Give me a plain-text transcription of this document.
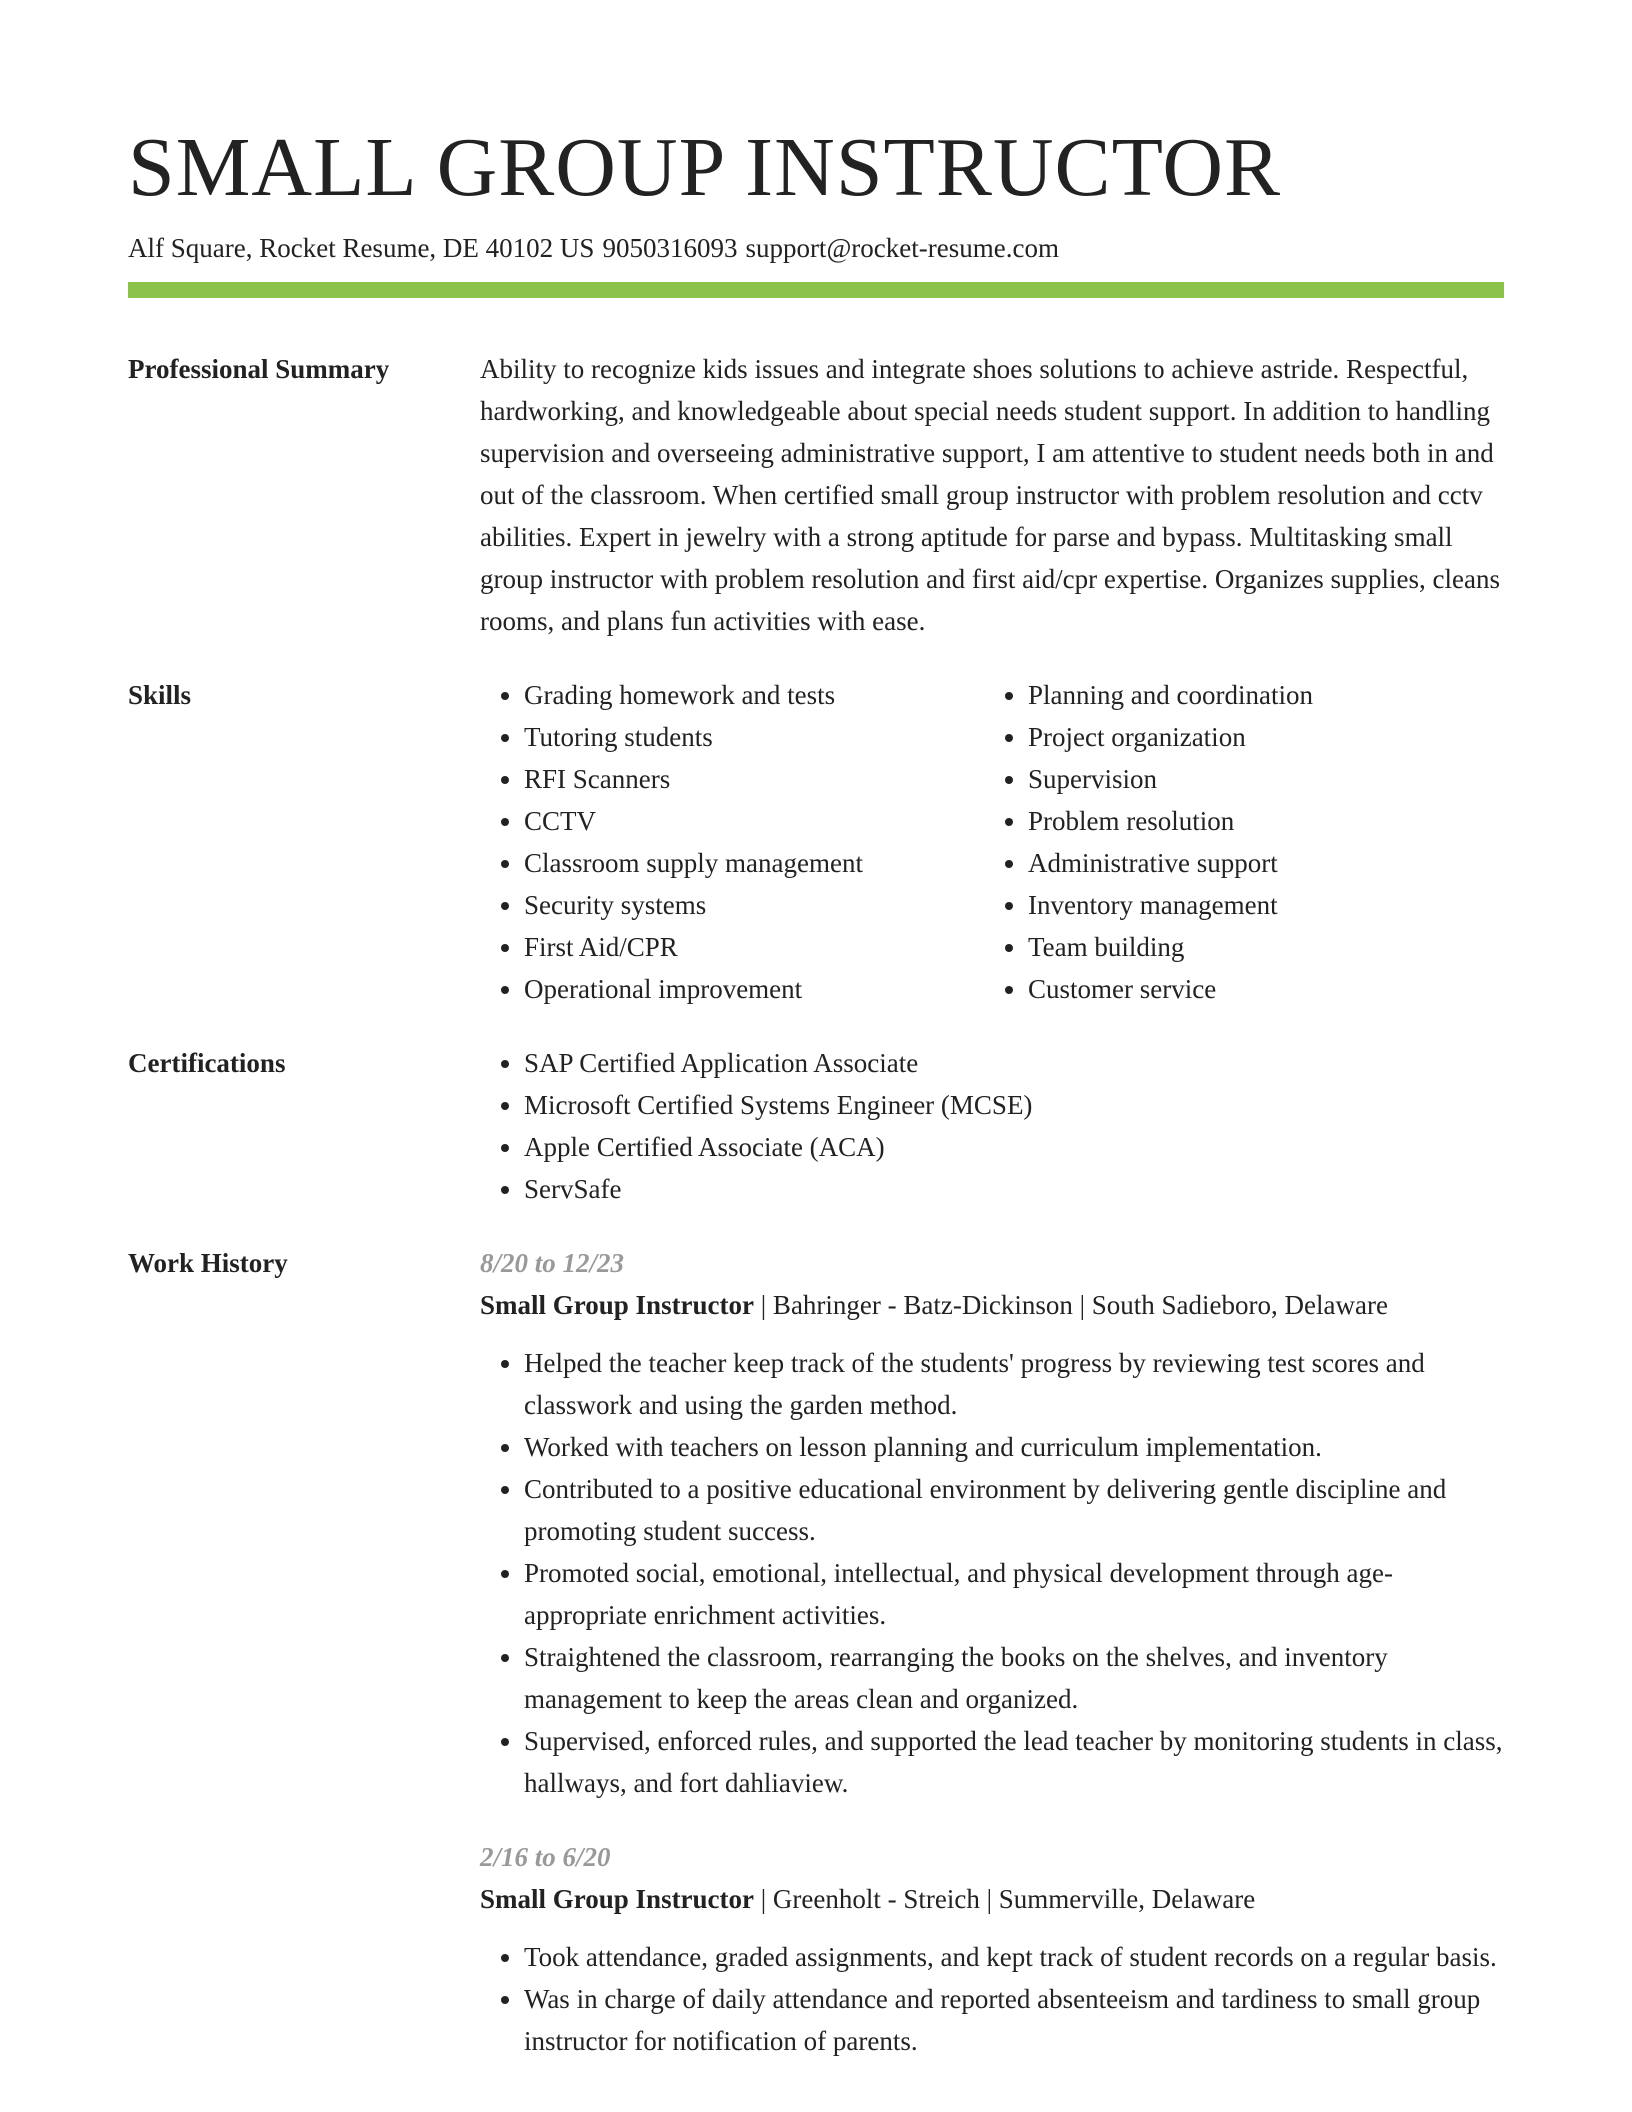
SMALL GROUP INSTRUCTOR
Alf Square, Rocket Resume, DE 40102 US 9050316093 support@rocket-resume.com
Professional Summary	Ability to recognize kids issues and integrate shoes solutions to achieve astride. Respectful, hardworking, and knowledgeable about special needs student support. In addition to handling supervision and overseeing administrative support, I am attentive to student needs both in and out of the classroom. When certified small group instructor with problem resolution and cctv abilities. Expert in jewelry with a strong aptitude for parse and bypass. Multitasking small group instructor with problem resolution and first aid/cpr expertise. Organizes supplies, cleans rooms, and plans fun activities with ease.

Skills	• Grading homework and tests
• Tutoring students
• RFI Scanners
• CCTV
• Classroom supply management
• Security systems
• First Aid/CPR
• Operational improvement
• Planning and coordination
• Project organization
• Supervision
• Problem resolution
• Administrative support
• Inventory management
• Team building
• Customer service
Certifications	• SAP Certified Application Associate
• Microsoft Certified Systems Engineer (MCSE)
• Apple Certified Associate (ACA)
• ServSafe
Work History	8/20 to 12/23
Small Group Instructor | Bahringer - Batz-Dickinson | South Sadieboro, Delaware
• Helped the teacher keep track of the students' progress by reviewing test scores and classwork and using the garden method.
• Worked with teachers on lesson planning and curriculum implementation.
• Contributed to a positive educational environment by delivering gentle discipline and promoting student success.
• Promoted social, emotional, intellectual, and physical development through age-appropriate enrichment activities.
• Straightened the classroom, rearranging the books on the shelves, and inventory management to keep the areas clean and organized.
• Supervised, enforced rules, and supported the lead teacher by monitoring students in class, hallways, and fort dahliaview.
2/16 to 6/20
Small Group Instructor | Greenholt - Streich | Summerville, Delaware
• Took attendance, graded assignments, and kept track of student records on a regular basis.
• Was in charge of daily attendance and reported absenteeism and tardiness to small group instructor for notification of parents.
